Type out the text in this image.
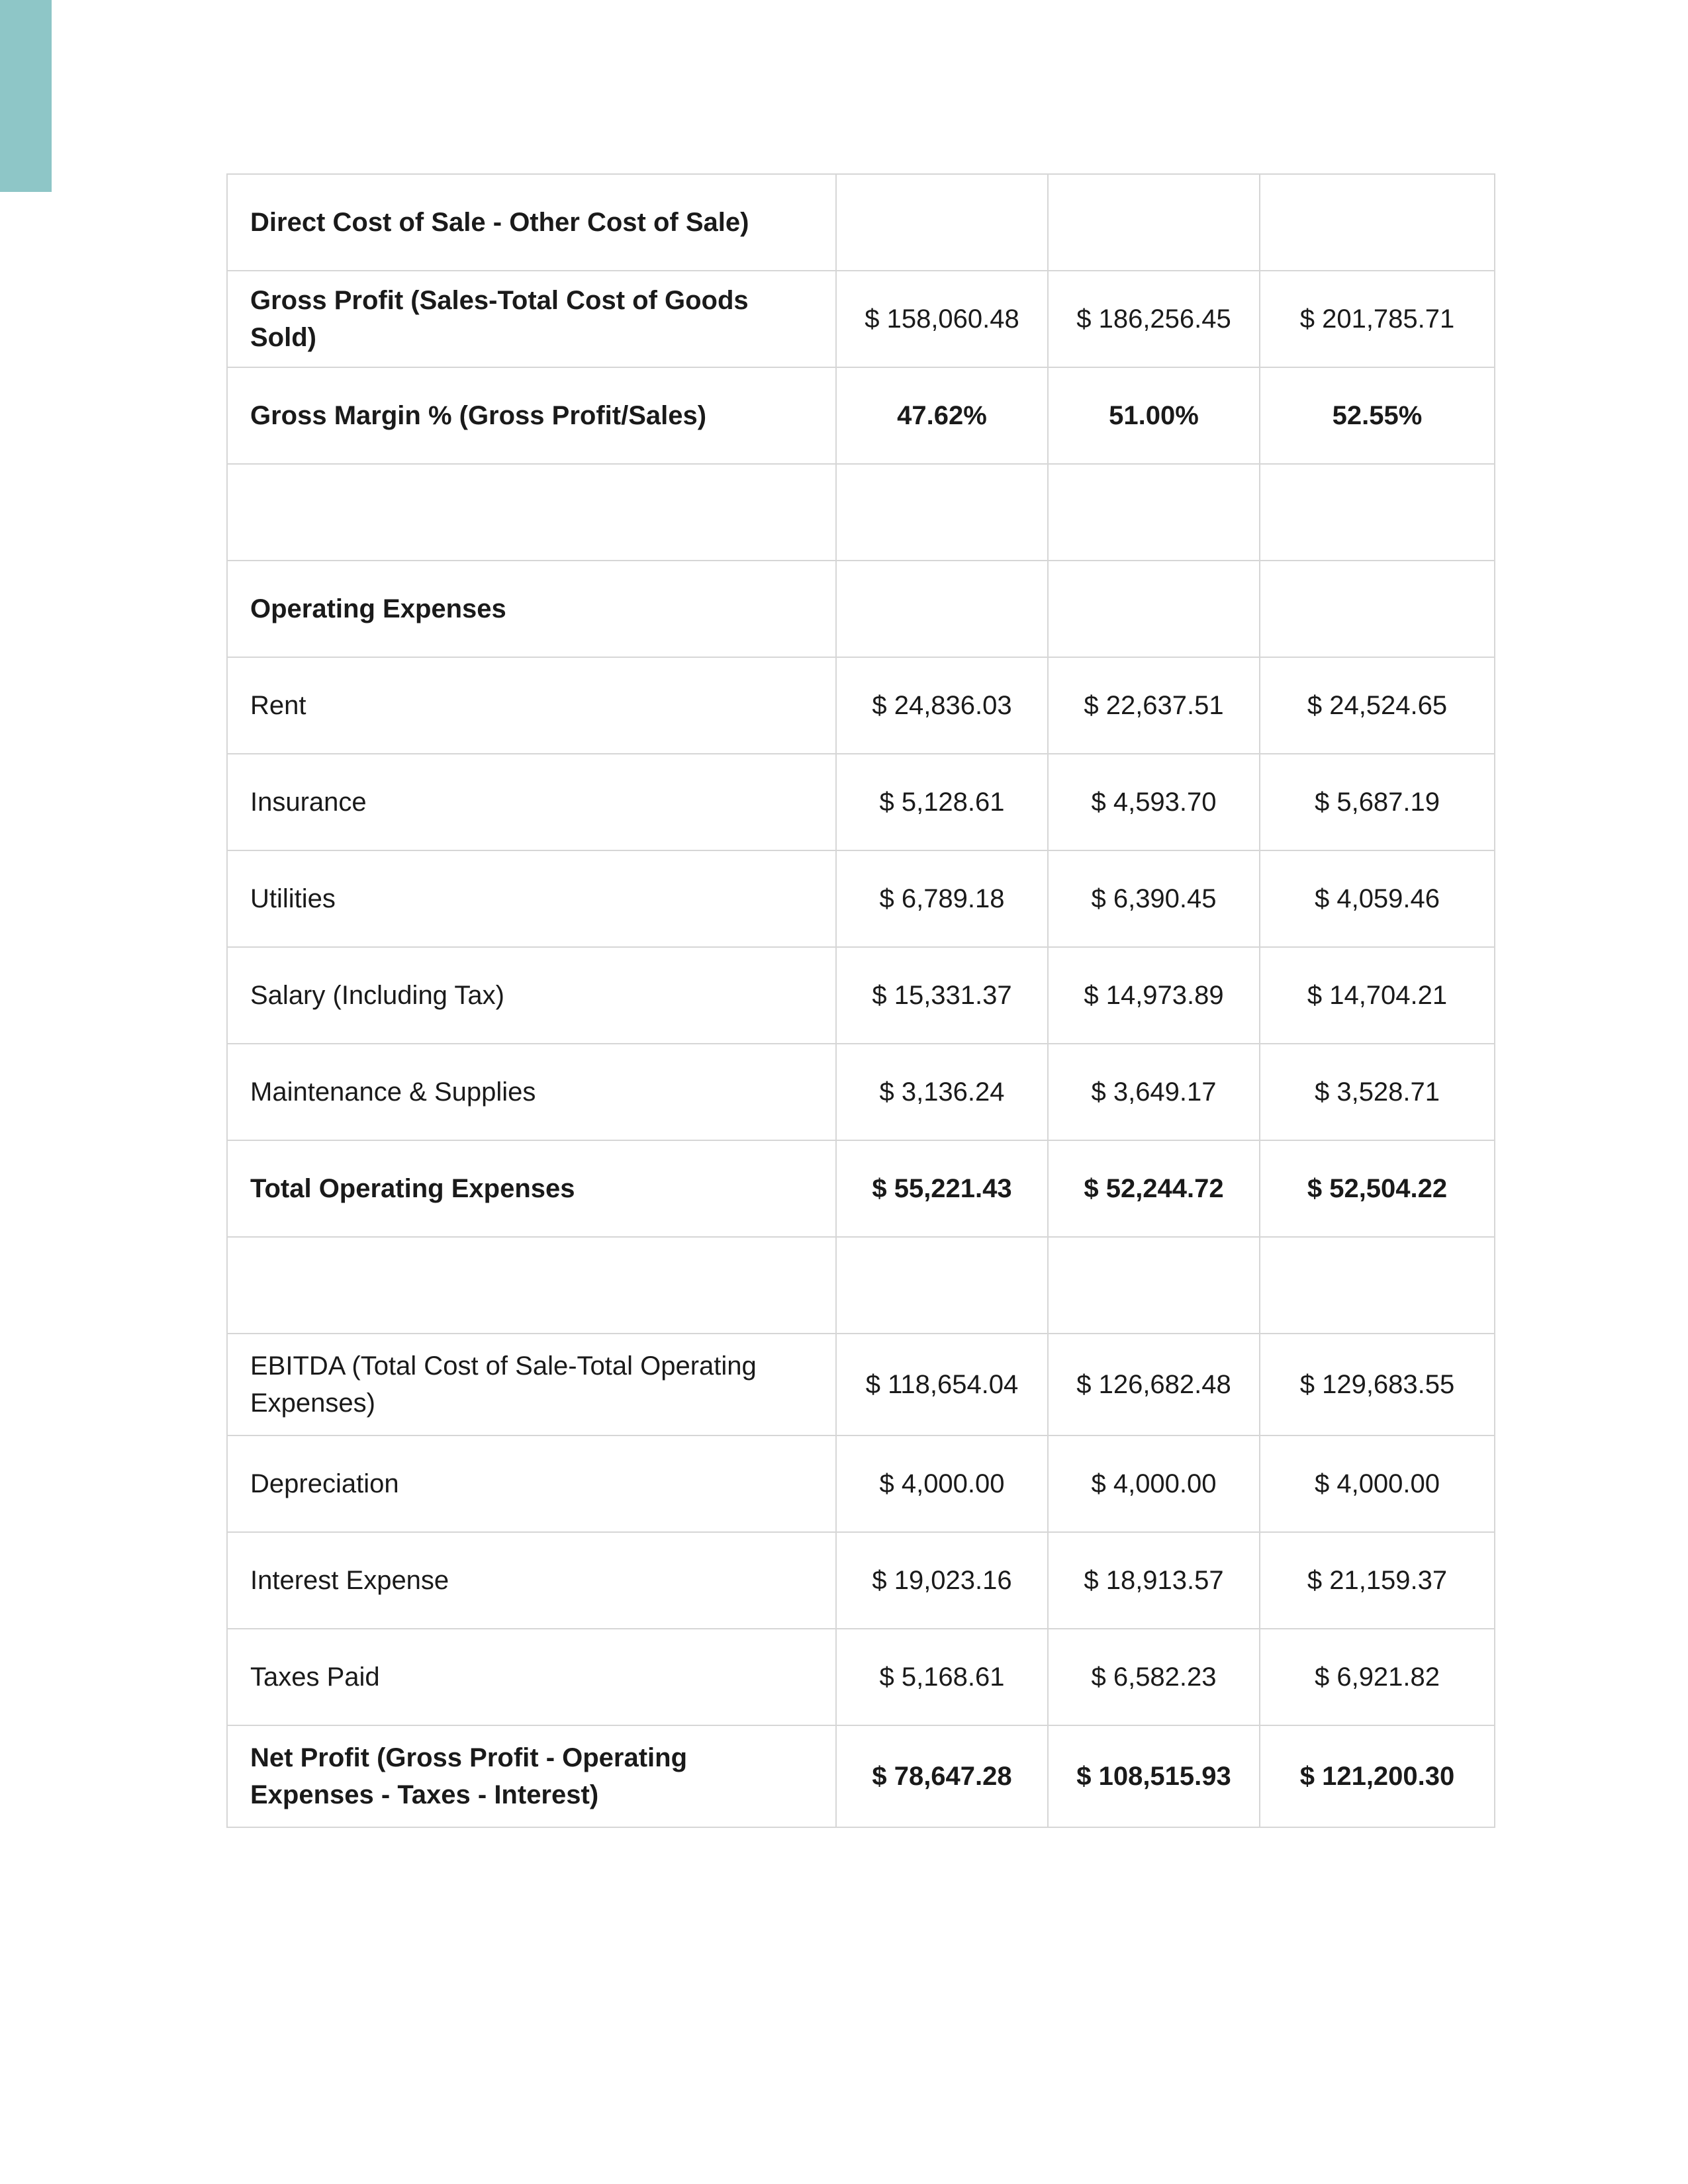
Direct Cost of Sale - Other Cost of Sale)			
Gross Profit (Sales-Total Cost of Goods Sold)	$ 158,060.48	$ 186,256.45	$ 201,785.71
Gross Margin % (Gross Profit/Sales)	47.62%	51.00%	52.55%

Operating Expenses			
Rent	$ 24,836.03	$ 22,637.51	$ 24,524.65
Insurance	$ 5,128.61	$ 4,593.70	$ 5,687.19
Utilities	$ 6,789.18	$ 6,390.45	$ 4,059.46
Salary (Including Tax)	$ 15,331.37	$ 14,973.89	$ 14,704.21
Maintenance & Supplies	$ 3,136.24	$ 3,649.17	$ 3,528.71
Total Operating Expenses	$ 55,221.43	$ 52,244.72	$ 52,504.22

EBITDA (Total Cost of Sale-Total Operating Expenses)	$ 118,654.04	$ 126,682.48	$ 129,683.55
Depreciation	$ 4,000.00	$ 4,000.00	$ 4,000.00
Interest Expense	$ 19,023.16	$ 18,913.57	$ 21,159.37
Taxes Paid	$ 5,168.61	$ 6,582.23	$ 6,921.82
Net Profit (Gross Profit - Operating Expenses - Taxes - Interest)	$ 78,647.28	$ 108,515.93	$ 121,200.30
